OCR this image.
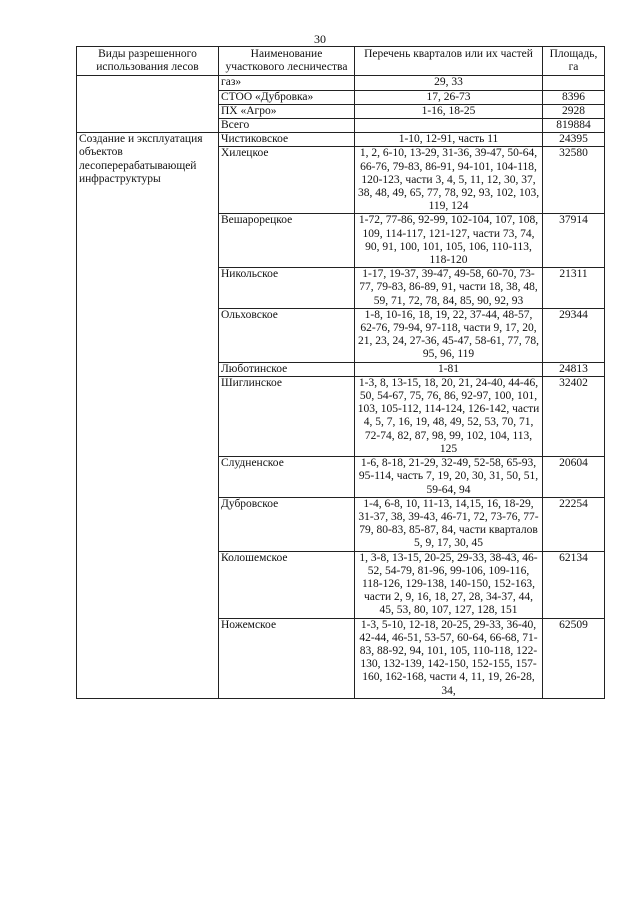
30
Виды разрешенного использования лесов	Наименование участкового лесничества	Перечень кварталов или их частей	Площадь, га
	газ»	29, 33	
	СТОО «Дубровка»	17, 26-73	8396
	ПХ «Агро»	1-16, 18-25	2928
	Всего		819884
Создание и эксплуатация объектов лесоперерабатывающей инфраструктуры	Чистиковское	1-10, 12-91, часть 11	24395
	Хилецкое	1, 2, 6-10, 13-29, 31-36, 39-47, 50-64, 66-76, 79-83, 86-91, 94-101, 104-118, 120-123, части 3, 4, 5, 11, 12, 30, 37, 38, 48, 49, 65, 77, 78, 92, 93, 102, 103, 119, 124	32580
	Вешарорецкое	1-72, 77-86, 92-99, 102-104, 107, 108, 109, 114-117, 121-127, части 73, 74, 90, 91, 100, 101, 105, 106, 110-113, 118-120	37914
	Никольское	1-17, 19-37, 39-47, 49-58, 60-70, 73-77, 79-83, 86-89, 91, части 18, 38, 48, 59, 71, 72, 78, 84, 85, 90, 92, 93	21311
	Ольховское	1-8, 10-16, 18, 19, 22, 37-44, 48-57, 62-76, 79-94, 97-118, части 9, 17, 20, 21, 23, 24, 27-36, 45-47, 58-61, 77, 78, 95, 96, 119	29344
	Люботинское	1-81	24813
	Шиглинское	1-3, 8, 13-15, 18, 20, 21, 24-40, 44-46, 50, 54-67, 75, 76, 86, 92-97, 100, 101, 103, 105-112, 114-124, 126-142, части 4, 5, 7, 16, 19, 48, 49, 52, 53, 70, 71, 72-74, 82, 87, 98, 99, 102, 104, 113, 125	32402
	Слудненское	1-6, 8-18, 21-29, 32-49, 52-58, 65-93, 95-114, часть 7, 19, 20, 30, 31, 50, 51, 59-64, 94	20604
	Дубровское	1-4, 6-8, 10, 11-13, 14,15, 16, 18-29, 31-37, 38, 39-43, 46-71, 72, 73-76, 77-79, 80-83, 85-87, 84, части кварталов 5, 9, 17, 30, 45	22254
	Колошемское	1, 3-8, 13-15, 20-25, 29-33, 38-43, 46-52, 54-79, 81-96, 99-106, 109-116, 118-126, 129-138, 140-150, 152-163, части 2, 9, 16, 18, 27, 28, 34-37, 44, 45, 53, 80, 107, 127, 128, 151	62134
	Ножемское	1-3, 5-10, 12-18, 20-25, 29-33, 36-40, 42-44, 46-51, 53-57, 60-64, 66-68, 71-83, 88-92, 94, 101, 105, 110-118, 122-130, 132-139, 142-150, 152-155, 157-160, 162-168, части 4, 11, 19, 26-28, 34,	62509
